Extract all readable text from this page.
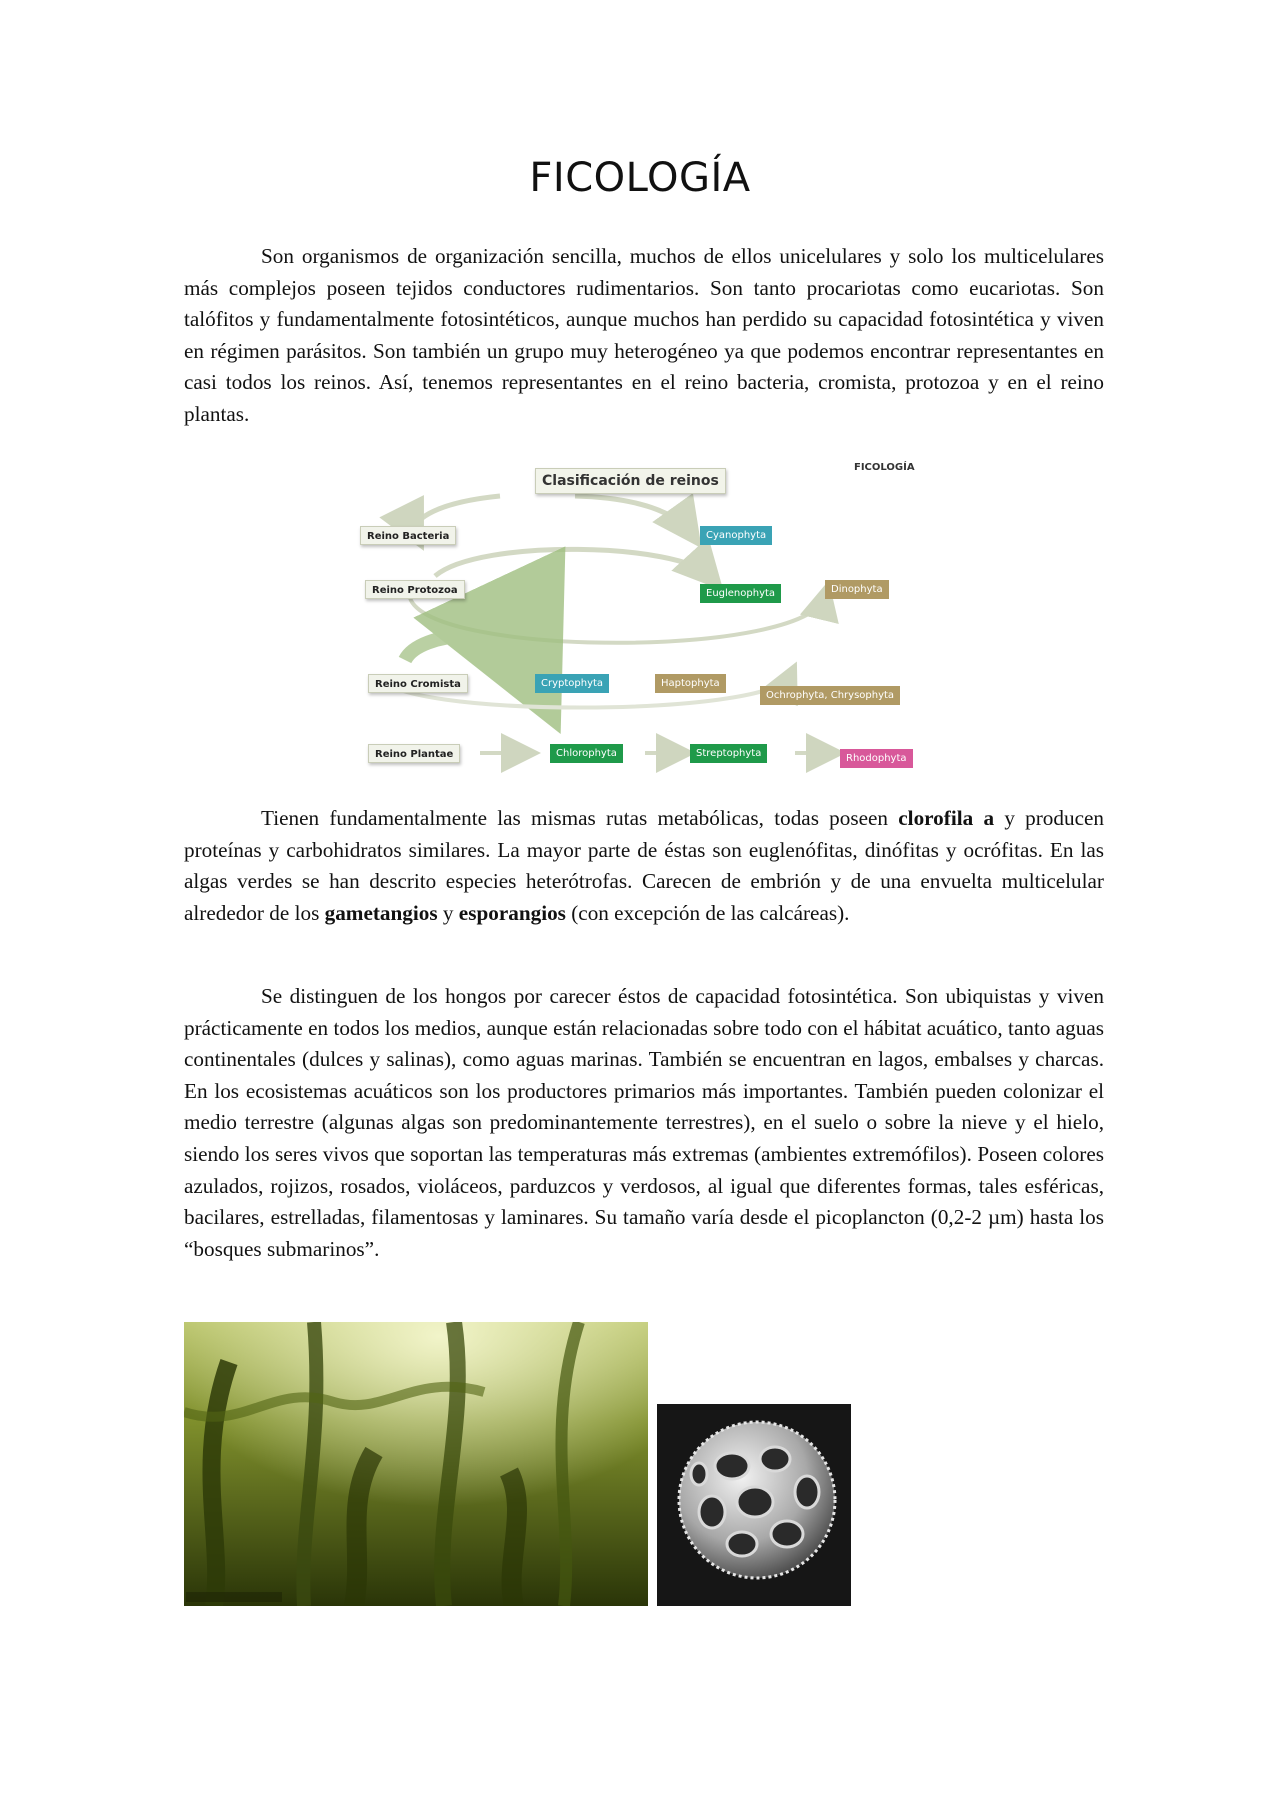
FICOLOGÍA

Son organismos de organización sencilla, muchos de ellos unicelulares y solo los multicelulares más complejos poseen tejidos conductores rudimentarios. Son tanto procariotas como eucariotas. Son talófitos y fundamentalmente fotosintéticos, aunque muchos han perdido su capacidad fotosintética y viven en régimen parásitos. Son también un grupo muy heterogéneo ya que podemos encontrar representantes en casi todos los reinos. Así, tenemos representantes en el reino bacteria, cromista, protozoa y en el reino plantas.

FICOLOGÍA
Clasificación de reinos
Reino Bacteria
Reino Protozoa
Reino Cromista
Reino Plantae
Cyanophyta
Euglenophyta	Dinophyta
Cryptophyta	Haptophyta
Ochrophyta, Chrysophyta
Chlorophyta	Streptophyta	Rhodophyta

Tienen fundamentalmente las mismas rutas metabólicas, todas poseen clorofila a y producen proteínas y carbohidratos similares. La mayor parte de éstas son euglenófitas, dinófitas y ocrófitas. En las algas verdes se han descrito especies heterótrofas. Carecen de embrión y de una envuelta multicelular alrededor de los gametangios y esporangios (con excepción de las calcáreas).

Se distinguen de los hongos por carecer éstos de capacidad fotosintética. Son ubiquistas y viven prácticamente en todos los medios, aunque están relacionadas sobre todo con el hábitat acuático, tanto aguas continentales (dulces y salinas), como aguas marinas. También se encuentran en lagos, embalses y charcas. En los ecosistemas acuáticos son los productores primarios más importantes. También pueden colonizar el medio terrestre (algunas algas son predominantemente terrestres), en el suelo o sobre la nieve y el hielo, siendo los seres vivos que soportan las temperaturas más extremas (ambientes extremófilos). Poseen colores azulados, rojizos, rosados, violáceos, parduzcos y verdosos, al igual que diferentes formas, tales esféricas, bacilares, estrelladas, filamentosas y laminares. Su tamaño varía desde el picoplancton (0,2-2 µm) hasta los “bosques submarinos”.
